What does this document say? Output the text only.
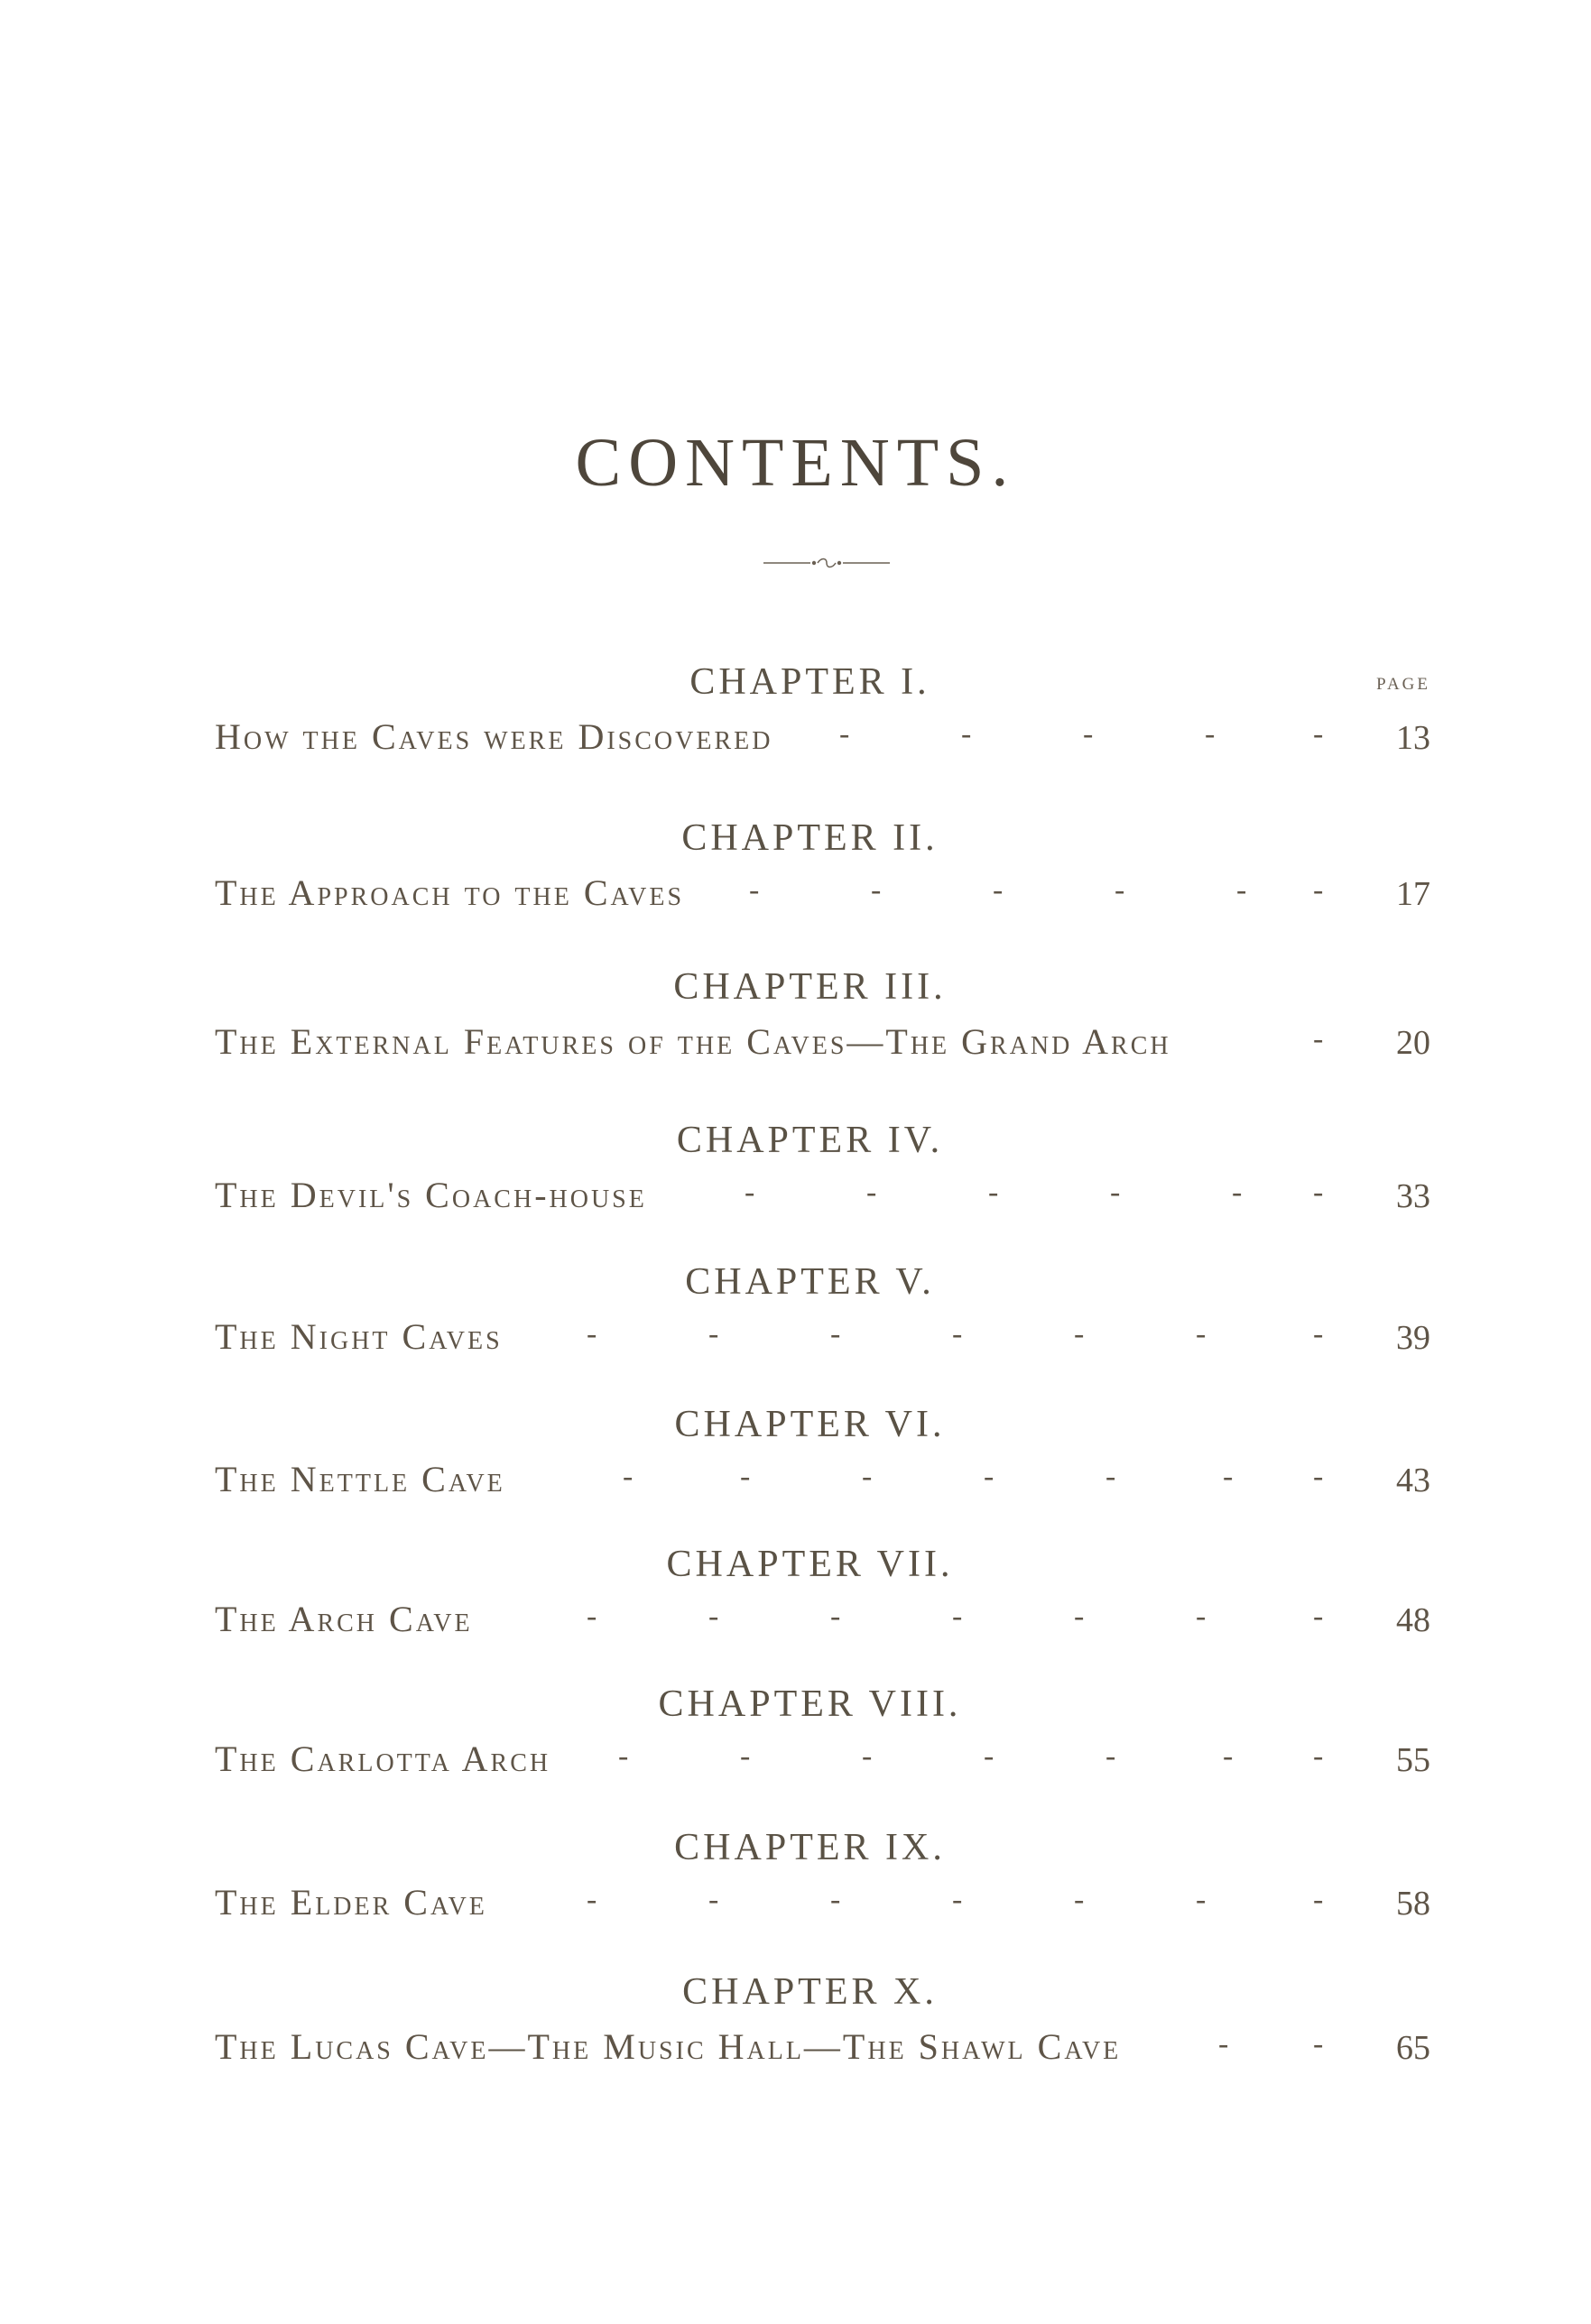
CONTENTS.
PAGE
CHAPTER I.
How the Caves were Discovered -	-	-	-	-	13
CHAPTER II.
The Approach to the Caves -	-	-	-	- -	17
CHAPTER III.
The External Features of the Caves—The Grand Arch	-	20
CHAPTER IV.
The Devil's Coach-house	-	-	-	-	- -	33
CHAPTER V.
The Night Caves	-	-	-	-	-	-	-	39
CHAPTER VI.
The Nettle Cave	-	-	-	-	-	-	-	43
CHAPTER VII.
The Arch Cave	-	-	-	-	-	-	-	48
CHAPTER VIII.
The Carlotta Arch -	-	-	-	-	-	-	55
CHAPTER IX.
The Elder Cave	-	-	-	-	-	-	-	58
CHAPTER X.
The Lucas Cave—The Music Hall—The Shawl Cave	-	-	65
